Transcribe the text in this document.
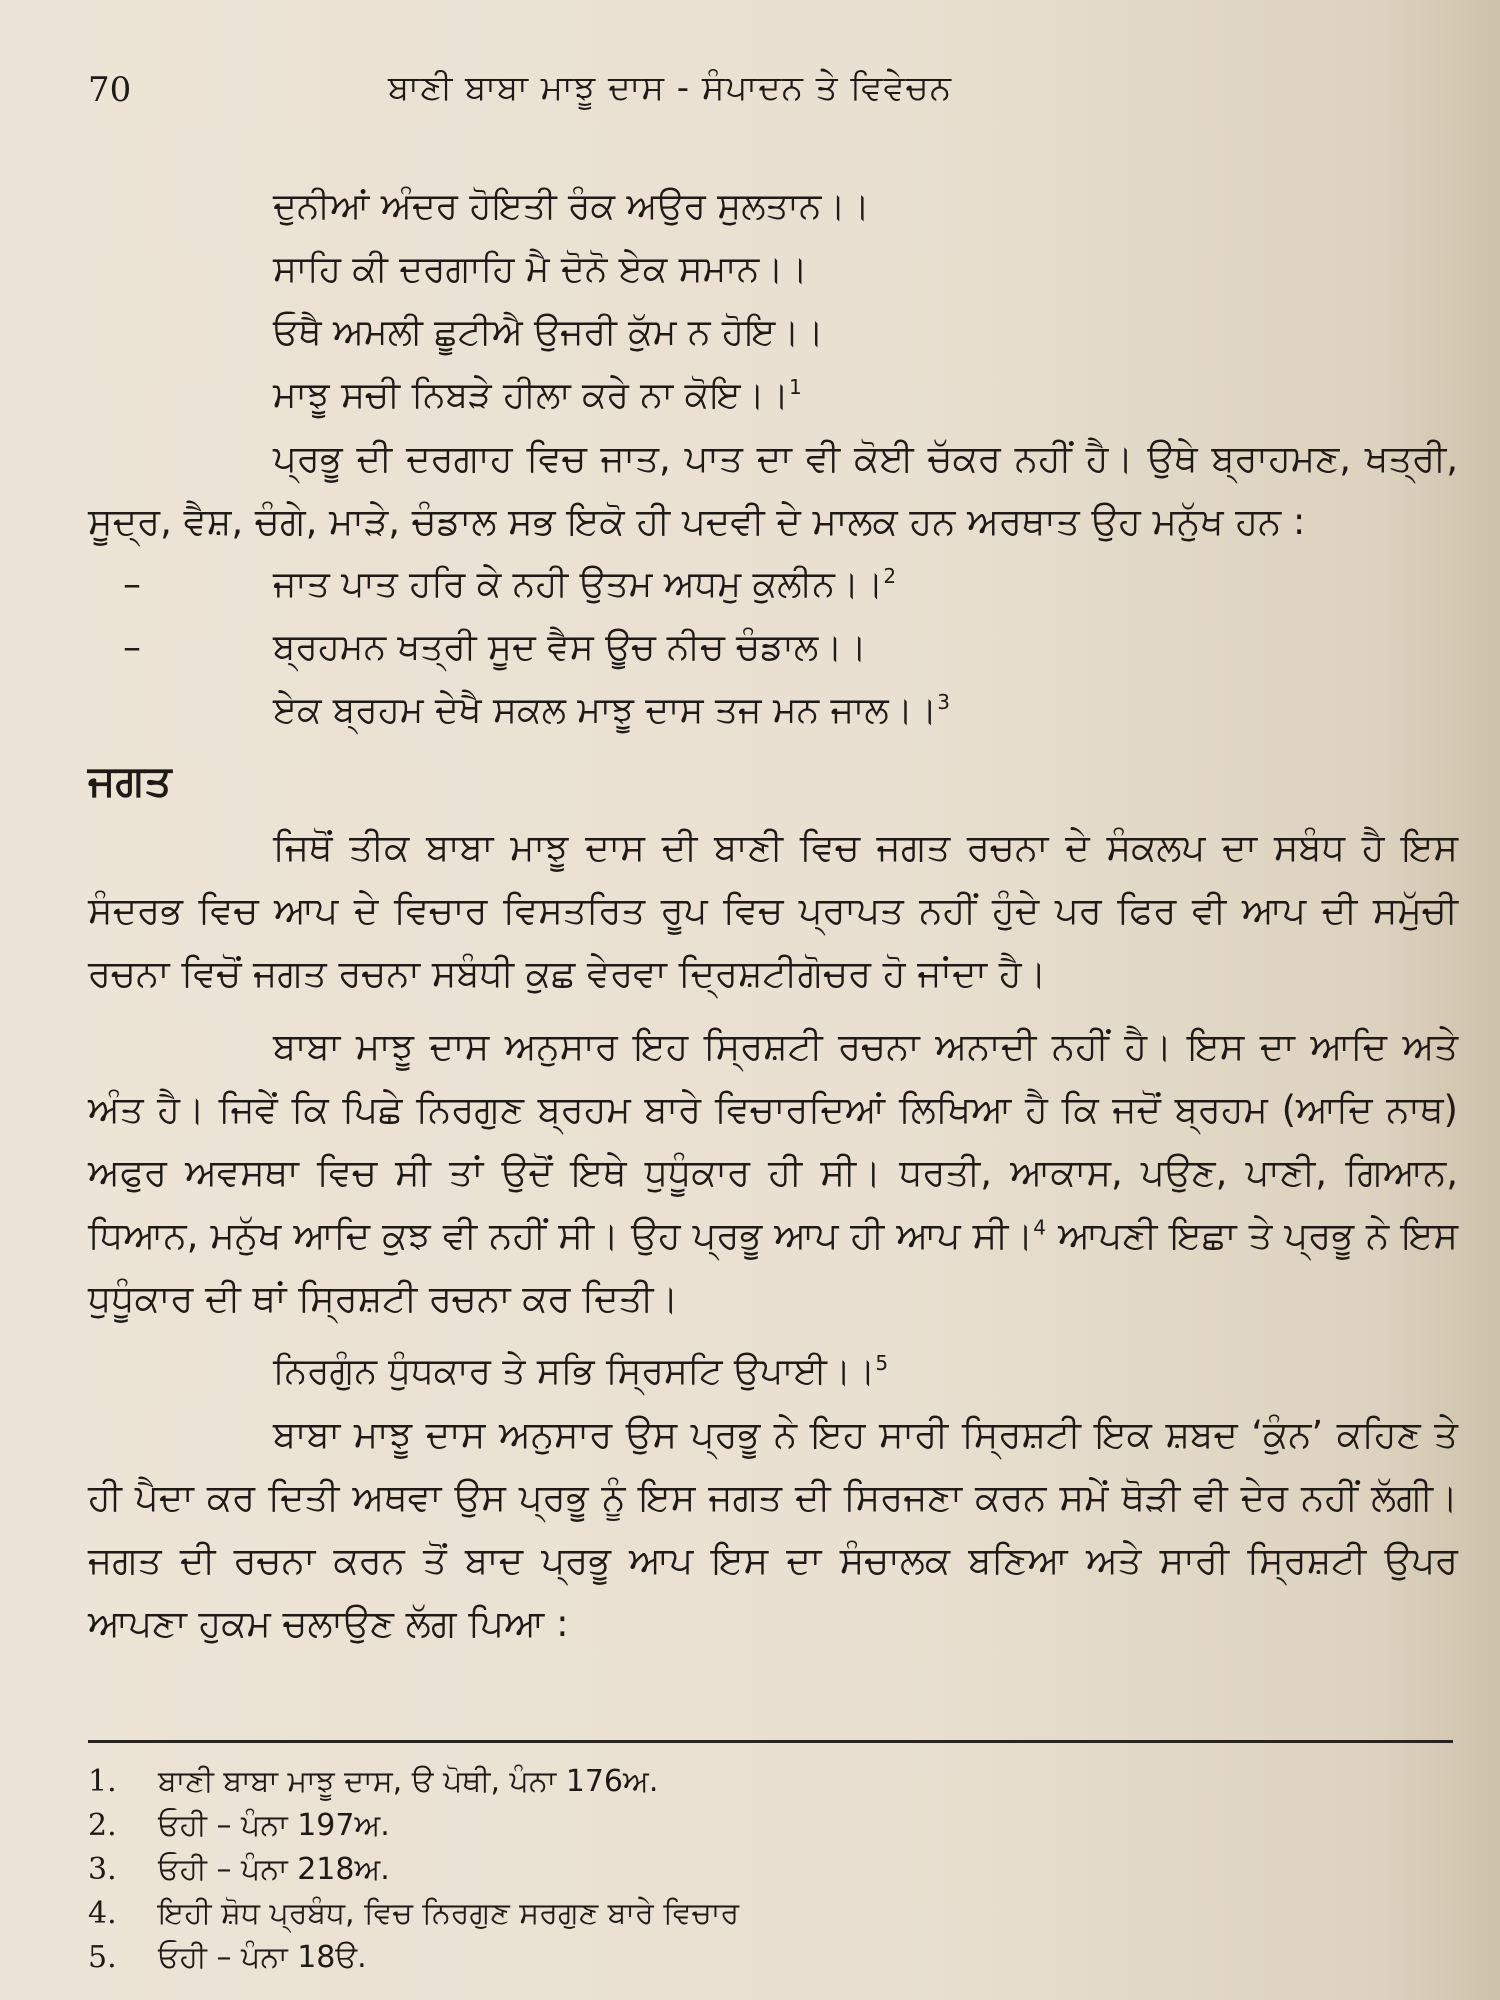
70	ਬਾਣੀ ਬਾਬਾ ਮਾਝੂ ਦਾਸ - ਸੰਪਾਦਨ ਤੇ ਵਿਵੇਚਨ
ਦੁਨੀਆਂ ਅੰਦਰ ਹੋਇਤੀ ਰੰਕ ਅਉਰ ਸੁਲਤਾਨ।।
ਸਾਹਿ ਕੀ ਦਰਗਾਹਿ ਮੈ ਦੋਨੋ ਏਕ ਸਮਾਨ।।
ਓਥੈ ਅਮਲੀ ਛੂਟੀਐ ਉਜਰੀ ਕੁੱਮ ਨ ਹੋਇ।।
ਮਾਝੂ ਸਚੀ ਨਿਬੜੇ ਹੀਲਾ ਕਰੇ ਨਾ ਕੋਇ।।$^1$

ਪ੍ਰਭੂ ਦੀ ਦਰਗਾਹ ਵਿਚ ਜਾਤ, ਪਾਤ ਦਾ ਵੀ ਕੋਈ ਚੱਕਰ ਨਹੀਂ ਹੈ। ਉਥੇ ਬ੍ਰਾਹਮਣ, ਖਤ੍ਰੀ, ਸੂਦ੍ਰ, ਵੈਸ਼, ਚੰਗੇ, ਮਾੜੇ, ਚੰਡਾਲ ਸਭ ਇਕੋ ਹੀ ਪਦਵੀ ਦੇ ਮਾਲਕ ਹਨ ਅਰਥਾਤ ਉਹ ਮਨੁੱਖ ਹਨ :

–	ਜਾਤ ਪਾਤ ਹਰਿ ਕੇ ਨਹੀ ਉਤਮ ਅਧਮੁ ਕੁਲੀਨ।।$^2$
–	ਬ੍ਰਹਮਨ ਖਤ੍ਰੀ ਸੂਦ ਵੈਸ ਊਚ ਨੀਚ ਚੰਡਾਲ।।
ਏਕ ਬ੍ਰਹਮ ਦੇਖੈ ਸਕਲ ਮਾਝੂ ਦਾਸ ਤਜ ਮਨ ਜਾਲ।।$^3$
ਜਗਤ

ਜਿਥੋਂ ਤੀਕ ਬਾਬਾ ਮਾਝੂ ਦਾਸ ਦੀ ਬਾਣੀ ਵਿਚ ਜਗਤ ਰਚਨਾ ਦੇ ਸੰਕਲਪ ਦਾ ਸਬੰਧ ਹੈ ਇਸ ਸੰਦਰਭ ਵਿਚ ਆਪ ਦੇ ਵਿਚਾਰ ਵਿਸਤਰਿਤ ਰੂਪ ਵਿਚ ਪ੍ਰਾਪਤ ਨਹੀਂ ਹੁੰਦੇ ਪਰ ਫਿਰ ਵੀ ਆਪ ਦੀ ਸਮੁੱਚੀ ਰਚਨਾ ਵਿਚੋਂ ਜਗਤ ਰਚਨਾ ਸਬੰਧੀ ਕੁਛ ਵੇਰਵਾ ਦ੍ਰਿਸ਼ਟੀਗੋਚਰ ਹੋ ਜਾਂਦਾ ਹੈ।

ਬਾਬਾ ਮਾਝੂ ਦਾਸ ਅਨੁਸਾਰ ਇਹ ਸ੍ਰਿਸ਼ਟੀ ਰਚਨਾ ਅਨਾਦੀ ਨਹੀਂ ਹੈ। ਇਸ ਦਾ ਆਦਿ ਅਤੇ ਅੰਤ ਹੈ। ਜਿਵੇਂ ਕਿ ਪਿਛੇ ਨਿਰਗੁਣ ਬ੍ਰਹਮ ਬਾਰੇ ਵਿਚਾਰਦਿਆਂ ਲਿਖਿਆ ਹੈ ਕਿ ਜਦੋਂ ਬ੍ਰਹਮ (ਆਦਿ ਨਾਥ) ਅਫੁਰ ਅਵਸਥਾ ਵਿਚ ਸੀ ਤਾਂ ਉਦੋਂ ਇਥੇ ਧੁਧੂੰਕਾਰ ਹੀ ਸੀ। ਧਰਤੀ, ਆਕਾਸ, ਪਉਣ, ਪਾਣੀ, ਗਿਆਨ, ਧਿਆਨ, ਮਨੁੱਖ ਆਦਿ ਕੁਝ ਵੀ ਨਹੀਂ ਸੀ। ਉਹ ਪ੍ਰਭੂ ਆਪ ਹੀ ਆਪ ਸੀ।$^4$ ਆਪਣੀ ਇਛਾ ਤੇ ਪ੍ਰਭੂ ਨੇ ਇਸ ਧੁਧੂੰਕਾਰ ਦੀ ਥਾਂ ਸ੍ਰਿਸ਼ਟੀ ਰਚਨਾ ਕਰ ਦਿਤੀ।

ਨਿਰਗੁੰਨ ਧੁੰਧਕਾਰ ਤੇ ਸਭਿ ਸ੍ਰਿਸਟਿ ਉਪਾਈ।।$^5$

ਬਾਬਾ ਮਾਝੂ ਦਾਸ ਅਨੁਸਾਰ ਉਸ ਪ੍ਰਭੂ ਨੇ ਇਹ ਸਾਰੀ ਸ੍ਰਿਸ਼ਟੀ ਇਕ ਸ਼ਬਦ ‘ਕੁੰਨ’ ਕਹਿਣ ਤੇ ਹੀ ਪੈਦਾ ਕਰ ਦਿਤੀ ਅਥਵਾ ਉਸ ਪ੍ਰਭੂ ਨੂੰ ਇਸ ਜਗਤ ਦੀ ਸਿਰਜਣਾ ਕਰਨ ਸਮੇਂ ਥੋੜੀ ਵੀ ਦੇਰ ਨਹੀਂ ਲੱਗੀ। ਜਗਤ ਦੀ ਰਚਨਾ ਕਰਨ ਤੋਂ ਬਾਦ ਪ੍ਰਭੂ ਆਪ ਇਸ ਦਾ ਸੰਚਾਲਕ ਬਣਿਆ ਅਤੇ ਸਾਰੀ ਸ੍ਰਿਸ਼ਟੀ ਉਪਰ ਆਪਣਾ ਹੁਕਮ ਚਲਾਉਣ ਲੱਗ ਪਿਆ :

1. ਬਾਣੀ ਬਾਬਾ ਮਾਝੂ ਦਾਸ, ੳ ਪੋਥੀ, ਪੰਨਾ 176ਅ.
2. ਓਹੀ – ਪੰਨਾ 197ਅ.
3. ਓਹੀ – ਪੰਨਾ 218ਅ.
4. ਇਹੀ ਸ਼ੋਧ ਪ੍ਰਬੰਧ, ਵਿਚ ਨਿਰਗੁਣ ਸਰਗੁਣ ਬਾਰੇ ਵਿਚਾਰ
5. ਓਹੀ – ਪੰਨਾ 18ੳ.
